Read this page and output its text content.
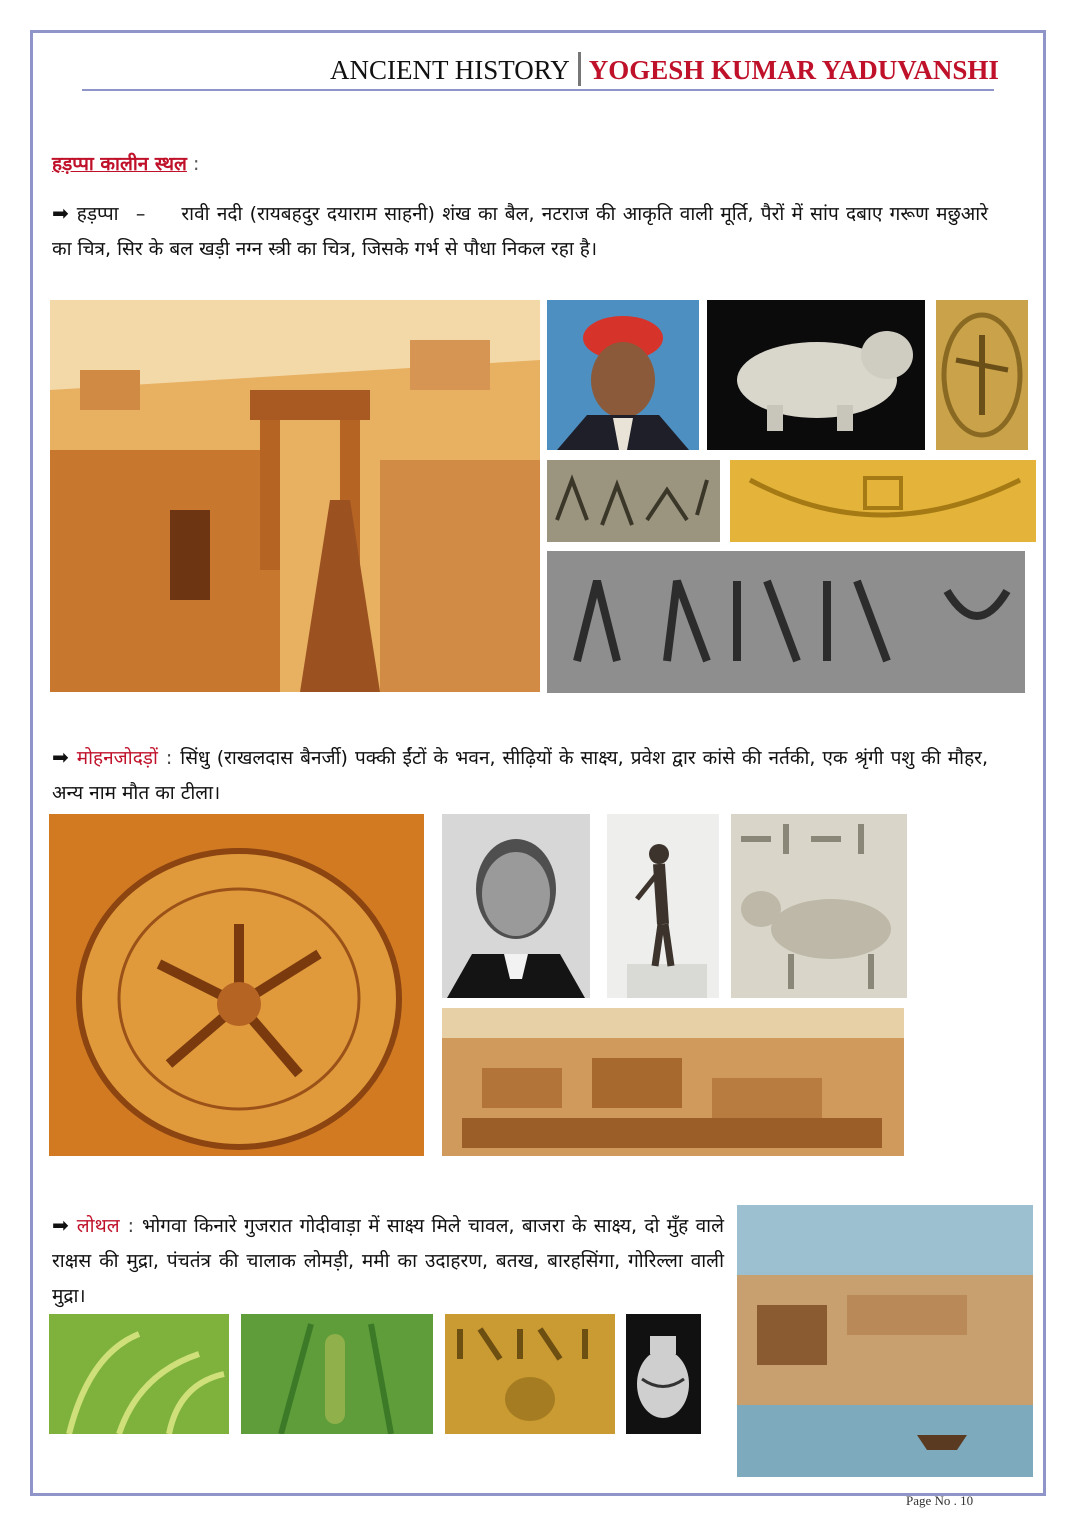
ANCIENT HISTORY YOGESH KUMAR YADUVANSHI
हड़प्पा कालीन स्थल :
➡ हड़प्पा – रावी नदी (रायबहदुर दयाराम साहनी) शंख का बैल, नटराज की आकृति वाली मूर्ति, पैरों में सांप दबाए गरूण मछुआरे का चित्र, सिर के बल खड़ी नग्न स्त्री का चित्र, जिसके गर्भ से पौधा निकल रहा है।
➡ मोहनजोदड़ों : सिंधु (राखलदास बैनर्जी) पक्की ईंटों के भवन, सीढ़ियों के साक्ष्य, प्रवेश द्वार कांसे की नर्तकी, एक श्रृंगी पशु की मौहर, अन्य नाम मौत का टीला।
➡ लोथल : भोगवा किनारे गुजरात गोदीवाड़ा में साक्ष्य मिले चावल, बाजरा के साक्ष्य, दो मुँह वाले राक्षस की मुद्रा, पंचतंत्र की चालाक लोमड़ी, ममी का उदाहरण, बतख, बारहसिंगा, गोरिल्ला वाली मुद्रा।
Page No . 10
